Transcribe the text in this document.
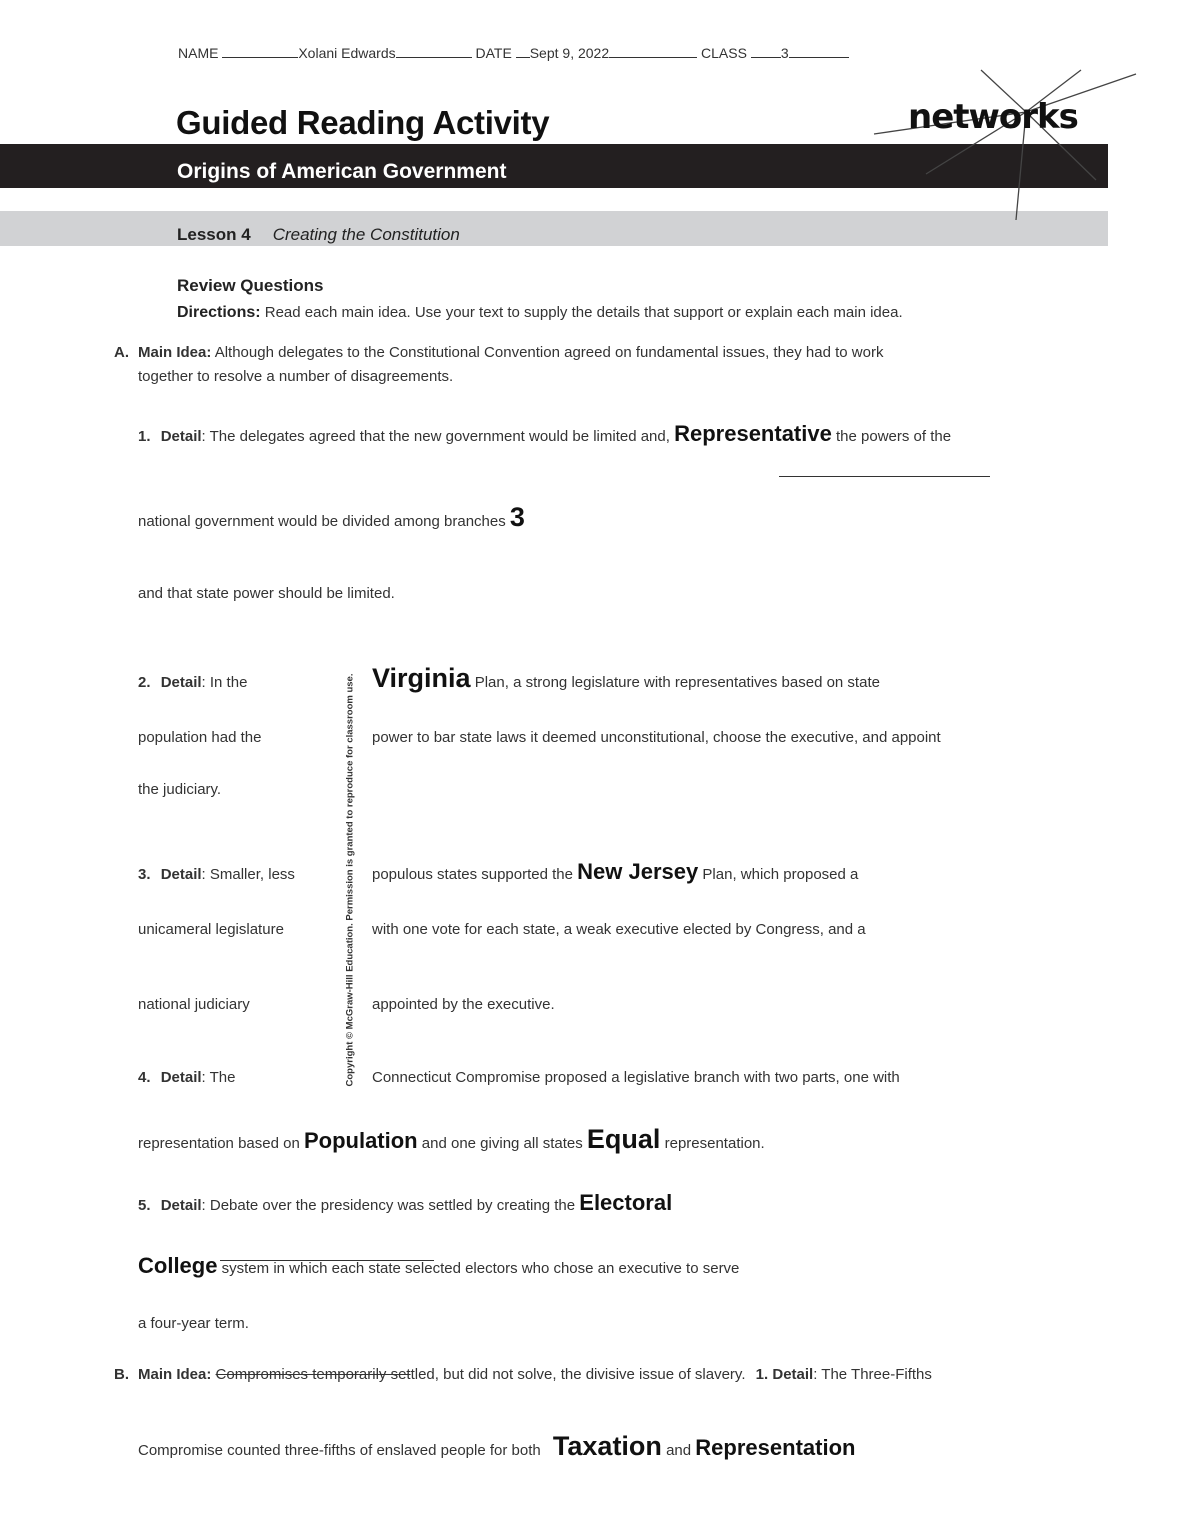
NAME	Xolani Edwards	DATE Sept 9, 2022	CLASS 3
Guided Reading Activity
Origins of American Government
networks
Lesson 4 Creating the Constitution
Review Questions
Directions: Read each main idea. Use your text to supply the details that support or explain each main idea.
A. Main Idea: Although delegates to the Constitutional Convention agreed on fundamental issues, they had to work
together to resolve a number of disagreements.
1. Detail: The delegates agreed that the new government would be limited and, Representative the powers of the
national government would be divided among branches 3
and that state power should be limited.
2. Detail: In the	Virginia Plan, a strong legislature with representatives based on state
population had the	power to bar state laws it deemed unconstitutional, choose the executive, and appoint
the judiciary.	Copyright © McGraw-Hill Education. Permission is granted to reproduce for classroom use.
3. Detail: Smaller, less	populous states supported the New Jersey Plan, which proposed a
unicameral legislature	with one vote for each state, a weak executive elected by Congress, and a
national judiciary	appointed by the executive.
4. Detail: The	Connecticut Compromise proposed a legislative branch with two parts, one with
representation based on Population and one giving all states Equal representation.
5. Detail: Debate over the presidency was settled by creating the Electoral
College system in which each state selected electors who chose an executive to serve
a four-year term.
B. Main Idea: Compromises temporarily settled, but did not solve, the divisive issue of slavery. 1. Detail: The Three-Fifths
Compromise counted three-fifths of enslaved people for both Taxation and Representation
